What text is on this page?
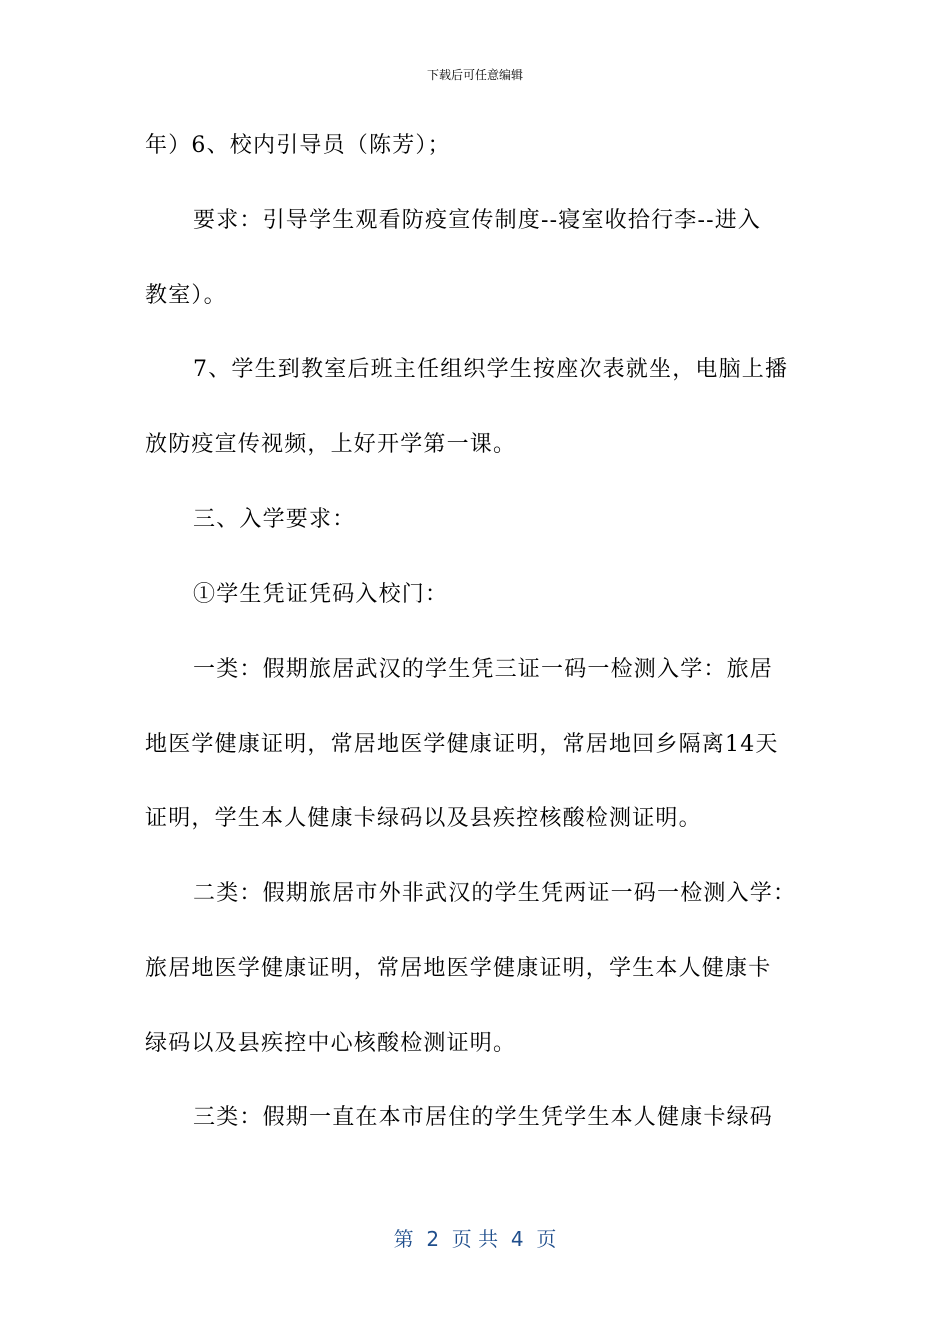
下载后可任意编辑
年）6、校内引导员（陈芳）；
要求：引导学生观看防疫宣传制度--寝室收拾行李--进入
教室）。
7、学生到教室后班主任组织学生按座次表就坐，电脑上播
放防疫宣传视频，上好开学第一课。
三、入学要求：
①学生凭证凭码入校门：
一类：假期旅居武汉的学生凭三证一码一检测入学：旅居
地医学健康证明，常居地医学健康证明，常居地回乡隔离14天
证明，学生本人健康卡绿码以及县疾控核酸检测证明。
二类：假期旅居市外非武汉的学生凭两证一码一检测入学：
旅居地医学健康证明，常居地医学健康证明，学生本人健康卡
绿码以及县疾控中心核酸检测证明。
三类：假期一直在本市居住的学生凭学生本人健康卡绿码
第  2  页 共  4  页
